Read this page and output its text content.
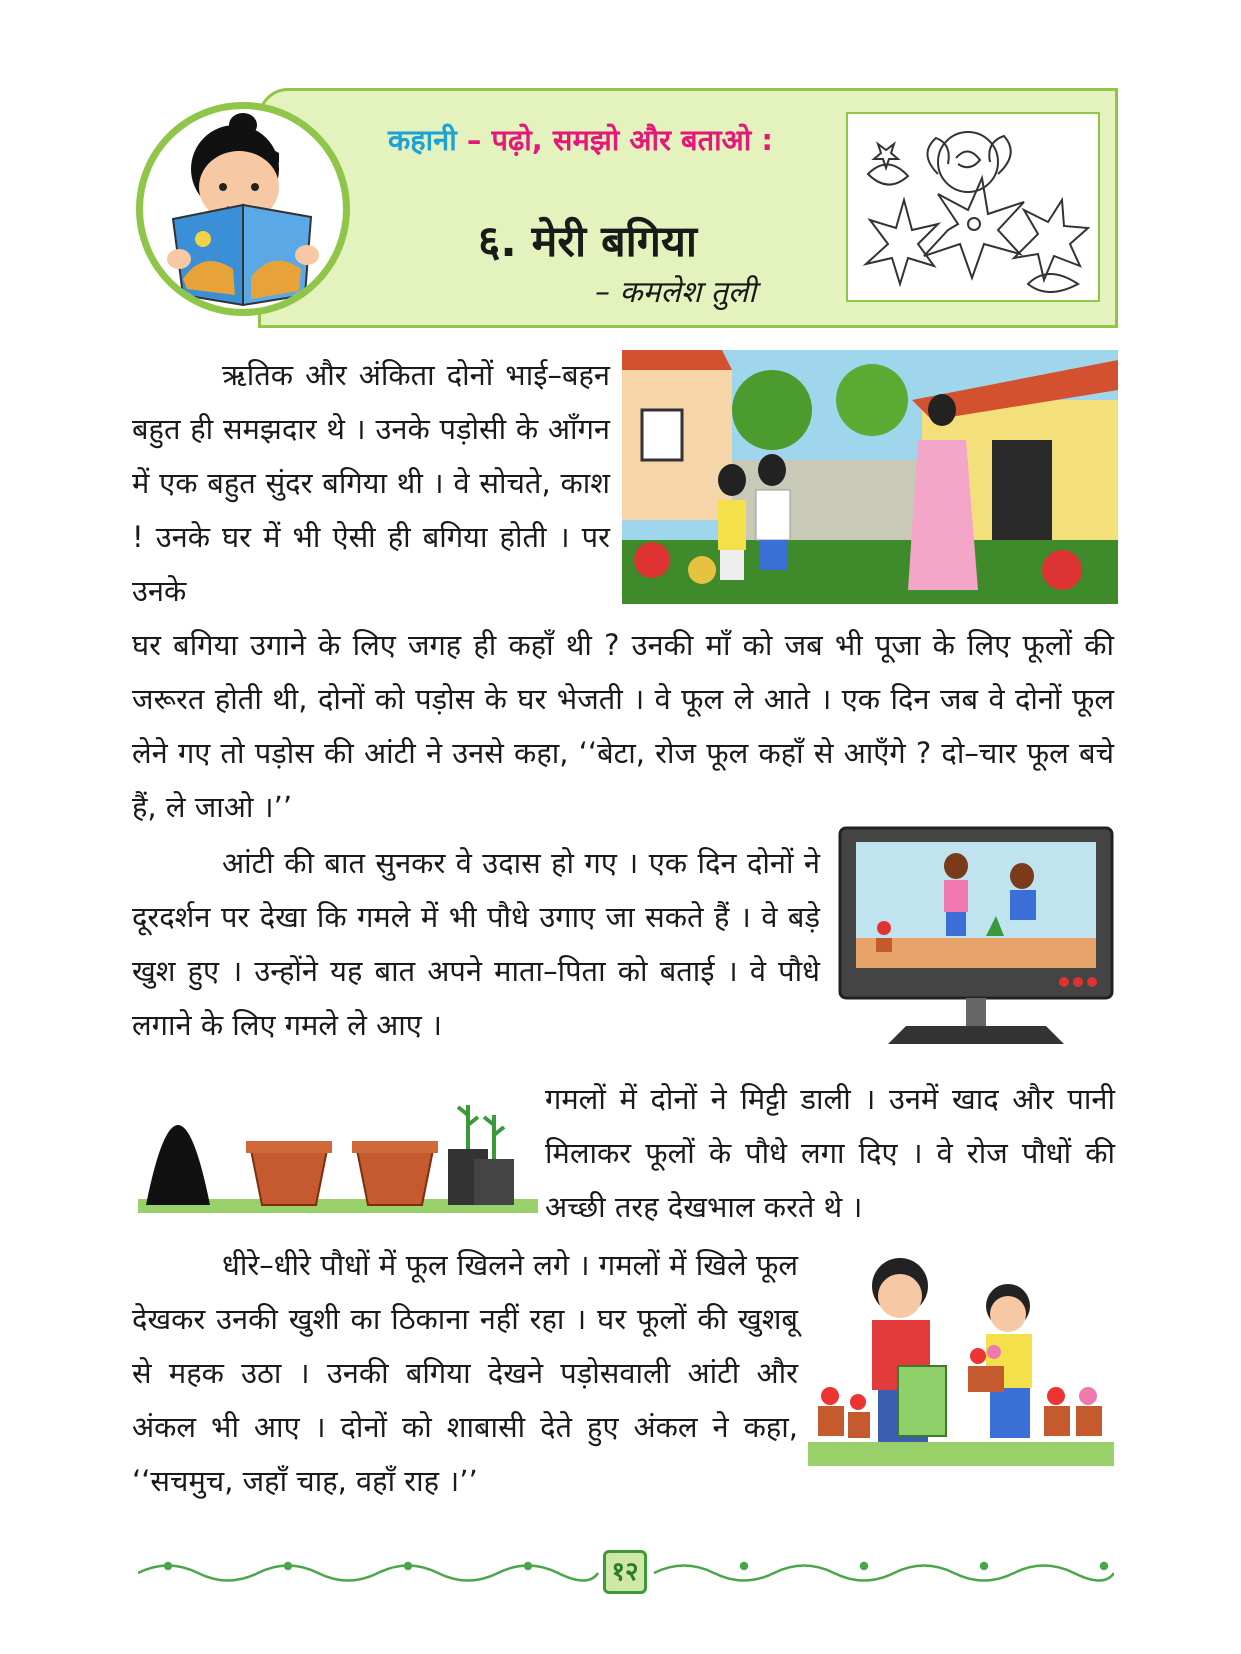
कहानी – पढ़ो, समझो और बताओ :
६. मेरी बगिया
– कमलेश तुली
ऋतिक और अंकिता दोनों भाई–बहन बहुत ही समझदार थे । उनके पड़ोसी के आँगन में एक बहुत सुंदर बगिया थी । वे सोचते, काश ! उनके घर में भी ऐसी ही बगिया होती । पर उनके
घर बगिया उगाने के लिए जगह ही कहाँ थी ? उनकी माँ को जब भी पूजा के लिए फूलों की जरूरत होती थी, दोनों को पड़ोस के घर भेजती । वे फूल ले आते । एक दिन जब वे दोनों फूल लेने गए तो पड़ोस की आंटी ने उनसे कहा, ‘‘बेटा, रोज फूल कहाँ से आएँगे ? दो–चार फूल बचे हैं, ले जाओ ।’’
आंटी की बात सुनकर वे उदास हो गए । एक दिन दोनों ने दूरदर्शन पर देखा कि गमले में भी पौधे उगाए जा सकते हैं । वे बड़े खुश हुए । उन्होंने यह बात अपने माता–पिता को बताई । वे पौधे लगाने के लिए गमले ले आए ।
गमलों में दोनों ने मिट्टी डाली । उनमें खाद और पानी मिलाकर फूलों के पौधे लगा दिए । वे रोज पौधों की अच्छी तरह देखभाल करते थे ।
धीरे–धीरे पौधों में फूल खिलने लगे । गमलों में खिले फूल देखकर उनकी खुशी का ठिकाना नहीं रहा । घर फूलों की खुशबू से महक उठा । उनकी बगिया देखने पड़ोसवाली आंटी और अंकल भी आए । दोनों को शाबासी देते हुए अंकल ने कहा, ‘‘सचमुच, जहाँ चाह, वहाँ राह ।’’
१२
